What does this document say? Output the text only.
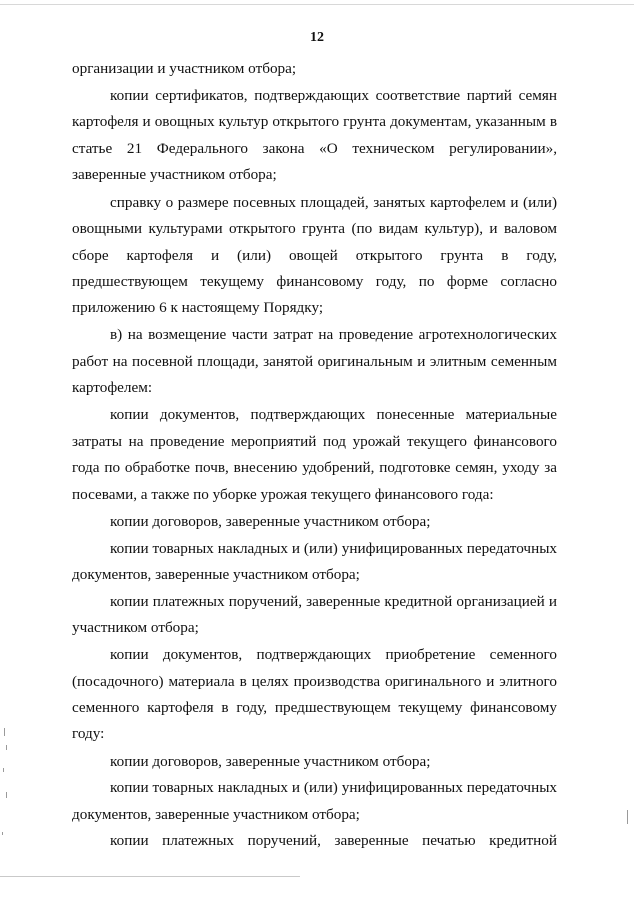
12
организации и участником отбора;
копии сертификатов, подтверждающих соответствие партий семян
картофеля и овощных культур открытого грунта документам, указанным в
статье 21 Федерального закона «О техническом регулировании»,
заверенные участником отбора;
справку о размере посевных площадей, занятых картофелем и (или)
овощными культурами открытого грунта (по видам культур), и валовом
сборе картофеля и (или) овощей открытого грунта в году,
предшествующем текущему финансовому году, по форме согласно
приложению 6 к настоящему Порядку;
в) на возмещение части затрат на проведение агротехнологических
работ на посевной площади, занятой оригинальным и элитным семенным
картофелем:
копии документов, подтверждающих понесенные материальные
затраты на проведение мероприятий под урожай текущего финансового
года по обработке почв, внесению удобрений, подготовке семян, уходу за
посевами, а также по уборке урожая текущего финансового года:
копии договоров, заверенные участником отбора;
копии товарных накладных и (или) унифицированных передаточных
документов, заверенные участником отбора;
копии платежных поручений, заверенные кредитной организацией и
участником отбора;
копии документов, подтверждающих приобретение семенного
(посадочного) материала в целях производства оригинального и элитного
семенного картофеля в году, предшествующем текущему финансовому
году:
копии договоров, заверенные участником отбора;
копии товарных накладных и (или) унифицированных передаточных
документов, заверенные участником отбора;
копии платежных поручений, заверенные печатью кредитной
